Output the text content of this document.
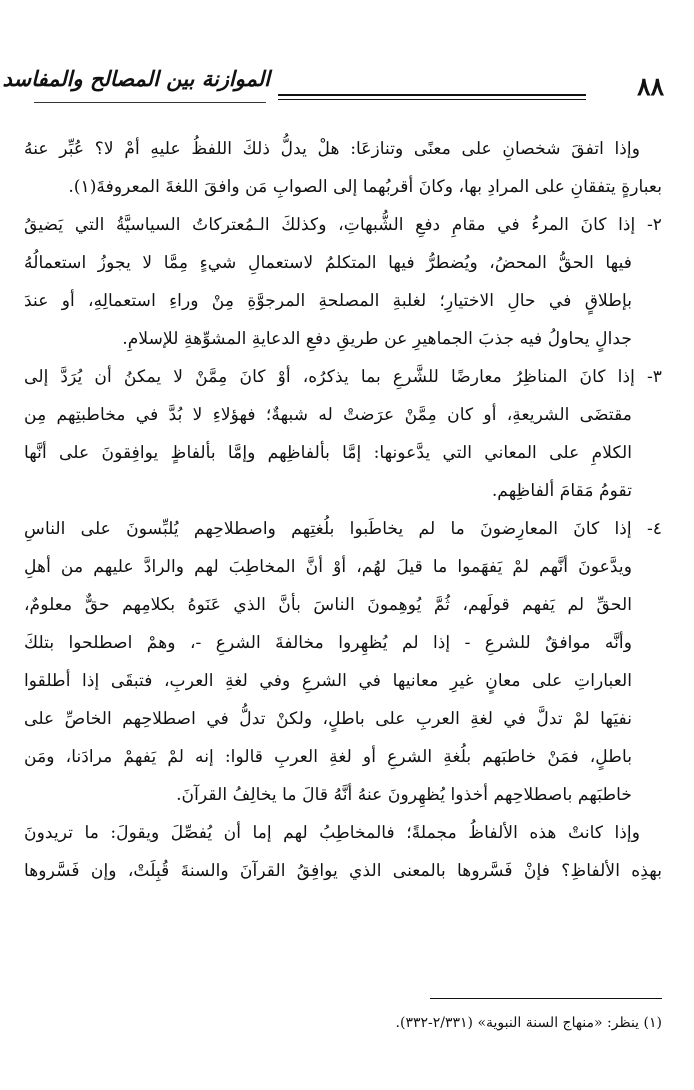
٨٨
الموازنة بين المصالح والمفاسد
وإذا اتفقَ شخصانِ على معنًى وتنازعَا: هلْ يدلُّ ذلكَ اللفظُ عليهِ أمْ لا؟ عُبِّر عنهُ
بعبارةٍ يتفقانِ على المرادِ بها، وكانَ أقربُهما إلى الصوابِ مَن وافقَ اللغةَ المعروفةَ(١).
٢- إذا كانَ المرءُ في مقامِ دفعِ الشُّبهاتِ، وكذلكَ الـمُعتركاتُ السياسيَّةُ التي يَضيقُ
فيها الحقُّ المحضُ، ويُضطرُّ فيها المتكلمُ لاستعمالِ شيءٍ مِمَّا لا يجوزُ استعمالُهُ
بإطلاقٍ في حالِ الاختيارِ؛ لغلبةِ المصلحةِ المرجوَّةِ مِنْ وراءِ استعمالِهِ، أو عندَ
جدالٍ يحاولُ فيه جذبَ الجماهيرِ عن طريقِ دفعِ الدعايةِ المشوِّهةِ للإسلامِ.
٣- إذا كانَ المناظِرُ معارضًا للشَّرعِ بما يذكرُه، أوْ كانَ مِمَّنْ لا يمكنُ أن يُرَدَّ إلى
مقتضَى الشريعةِ، أو كان مِمَّنْ عرَضتْ له شبهةٌ؛ فهؤلاءِ لا بُدَّ في مخاطبتِهم مِن
الكلامِ على المعاني التي يدَّعونها: إمَّا بألفاظِهم وإمَّا بألفاظٍ يوافِقونَ على أنَّها
تقومُ مَقامَ ألفاظِهم.
٤- إذا كانَ المعارِضونَ ما لم يخاطَبوا بلُغتِهم واصطلاحِهم يُلبِّسونَ على الناسِ
ويدَّعونَ أنَّهم لمْ يَفهَموا ما قيلَ لهُم، أوْ أنَّ المخاطِبَ لهم والرادَّ عليهم من أهلِ
الحقِّ لم يَفهم قولَهم، ثُمَّ يُوهِمونَ الناسَ بأنَّ الذي عَنَوهُ بكلامِهم حقٌّ معلومٌ،
وأنَّه موافقٌ للشرعِ - إذا لم يُظهِروا مخالفةَ الشرعِ -، وهمْ اصطلحوا بتلكَ
العباراتِ على معانٍ غيرِ معانيها في الشرعِ وفي لغةِ العربِ، فتبقَى إذا أطلقوا
نفيَها لمْ تدلَّ في لغةِ العربِ على باطلٍ، ولكنْ تدلُّ في اصطلاحِهم الخاصِّ على
باطلٍ، فمَنْ خاطبَهم بلُغةِ الشرعِ أو لغةِ العربِ قالوا: إنه لمْ يَفهمْ مرادَنا، ومَن
خاطبَهم باصطلاحِهم أخذوا يُظهِرونَ عنهُ أنَّهُ قالَ ما يخالِفُ القرآنَ.
وإذا كانتْ هذه الألفاظُ مجملةً؛ فالمخاطِبُ لهم إما أن يُفصِّلَ ويقولَ: ما تريدونَ
بهذِه الألفاظِ؟ فإنْ فَسَّروها بالمعنى الذي يوافِقُ القرآنَ والسنةَ قُبِلَتْ، وإن فَسَّروها
(١) ينظر: «منهاج السنة النبوية» (٢/٣٣١-٣٣٢).
